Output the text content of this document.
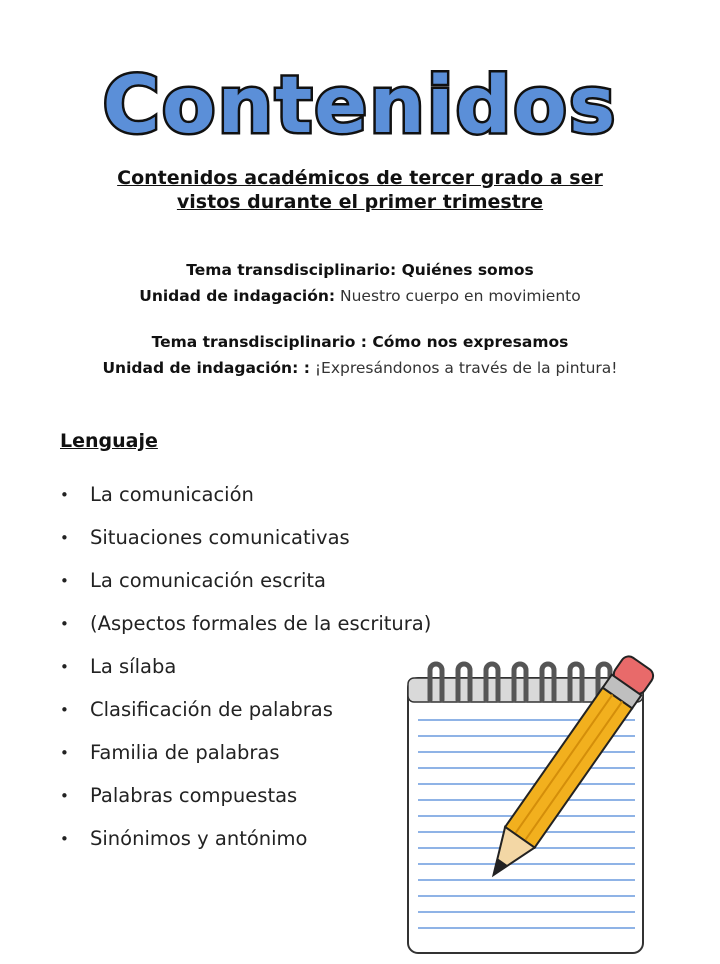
Contenidos

Contenidos académicos de tercer grado a ser

vistos durante el primer trimestre

Tema transdisciplinario: Quiénes somos
Unidad de indagación: Nuestro cuerpo en movimiento
Tema transdisciplinario : Cómo nos expresamos
Unidad de indagación: : ¡Expresándonos a través de la pintura!

Lenguaje

• La comunicación
• Situaciones comunicativas
• La comunicación escrita
• (Aspectos formales de la escritura)
• La sílaba
• Clasificación de palabras
• Familia de palabras
• Palabras compuestas
• Sinónimos y antónimo
